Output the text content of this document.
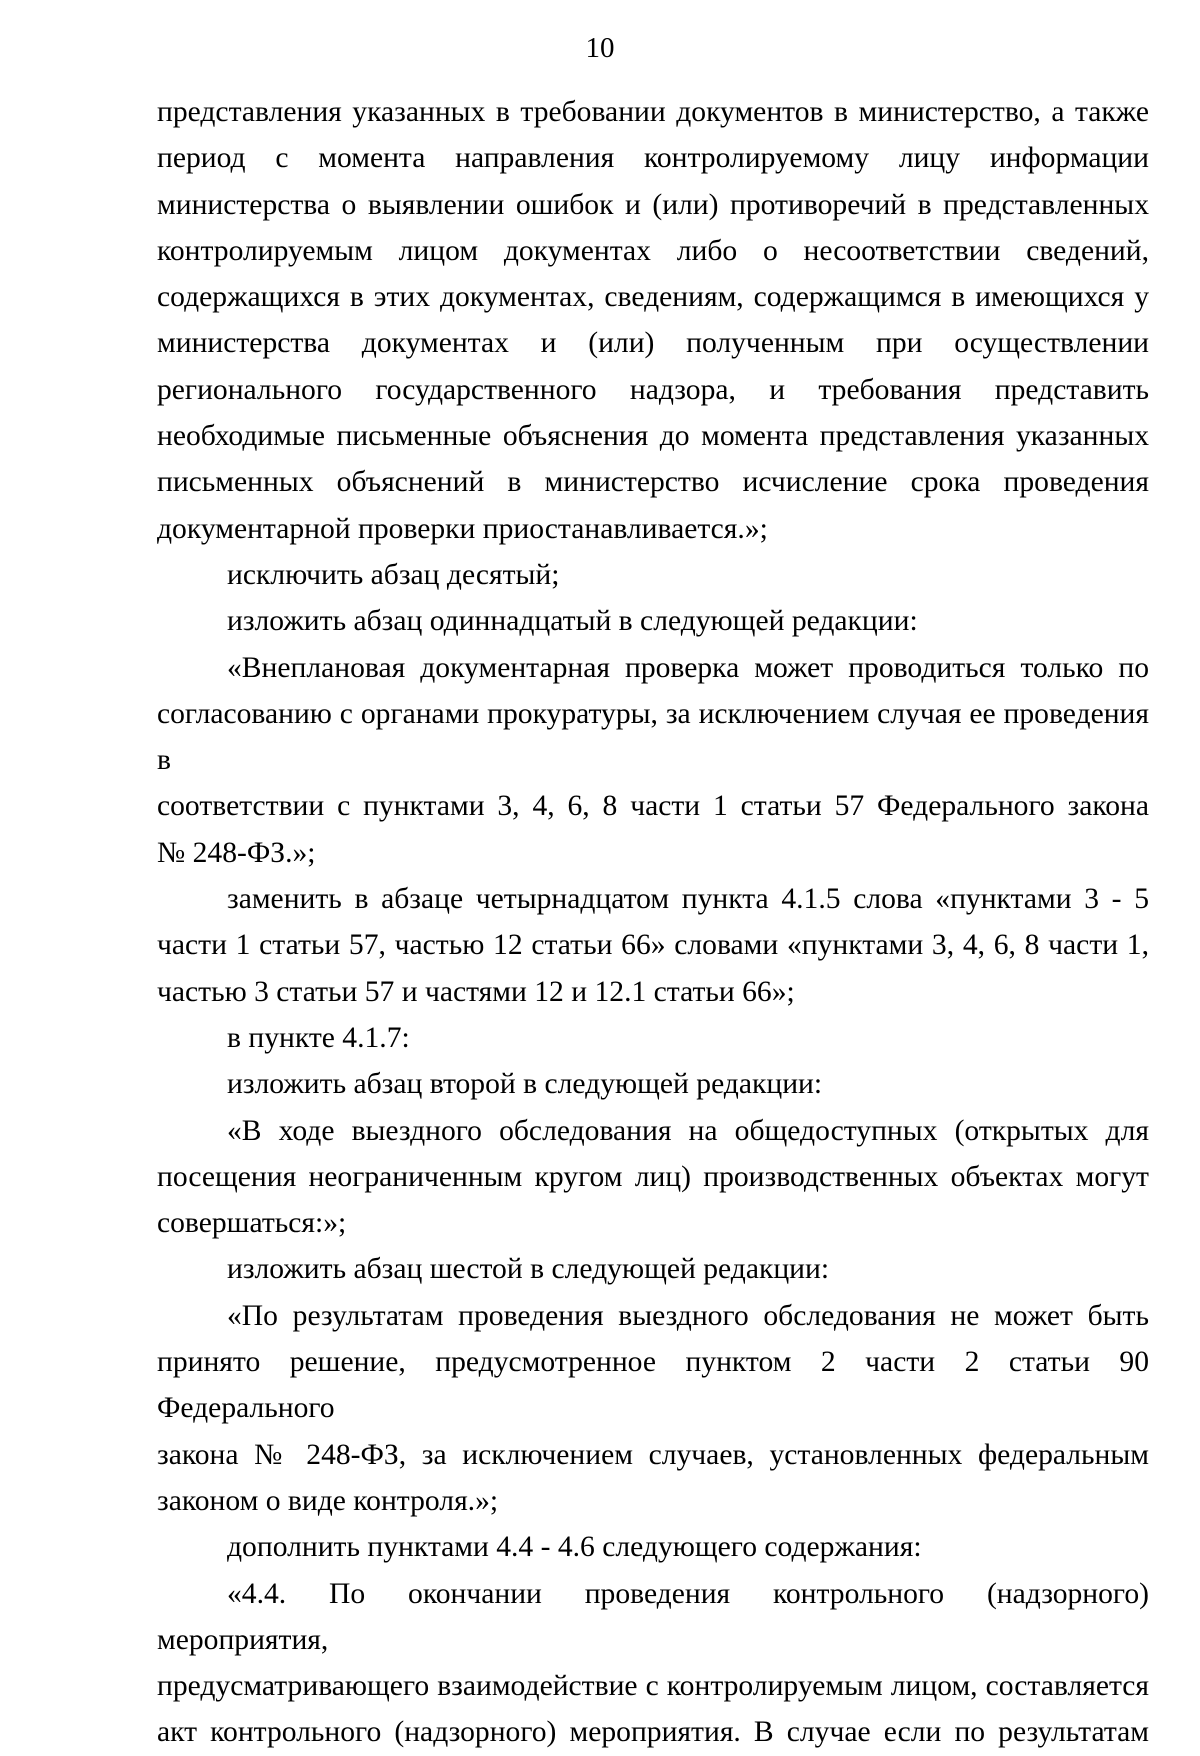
10

представления указанных в требовании документов в министерство, а также

период с момента направления контролируемому лицу информации

министерства о выявлении ошибок и (или) противоречий в представленных

контролируемым лицом документах либо о несоответствии сведений,

содержащихся в этих документах, сведениям, содержащимся в имеющихся у

министерства документах и (или) полученным при осуществлении

регионального государственного надзора, и требования представить

необходимые письменные объяснения до момента представления указанных

письменных объяснений в министерство исчисление срока проведения

документарной проверки приостанавливается.»;

исключить абзац десятый;

изложить абзац одиннадцатый в следующей редакции:

«Внеплановая документарная проверка может проводиться только по

согласованию с органами прокуратуры, за исключением случая ее проведения в

соответствии с пунктами 3, 4, 6, 8 части 1 статьи 57 Федерального закона

№ 248-ФЗ.»;

заменить в абзаце четырнадцатом пункта 4.1.5 слова «пунктами 3 - 5

части 1 статьи 57, частью 12 статьи 66» словами «пунктами 3, 4, 6, 8 части 1,

частью 3 статьи 57 и частями 12 и 12.1 статьи 66»;

в пункте 4.1.7:

изложить абзац второй в следующей редакции:

«В ходе выездного обследования на общедоступных (открытых для

посещения неограниченным кругом лиц) производственных объектах могут

совершаться:»;

изложить абзац шестой в следующей редакции:

«По результатам проведения выездного обследования не может быть

принято решение, предусмотренное пунктом 2 части 2 статьи 90 Федерального

закона № 248-ФЗ, за исключением случаев, установленных федеральным

законом о виде контроля.»;

дополнить пунктами 4.4 - 4.6 следующего содержания:

«4.4. По окончании проведения контрольного (надзорного) мероприятия,

предусматривающего взаимодействие с контролируемым лицом, составляется

акт контрольного (надзорного) мероприятия. В случае если по результатам
